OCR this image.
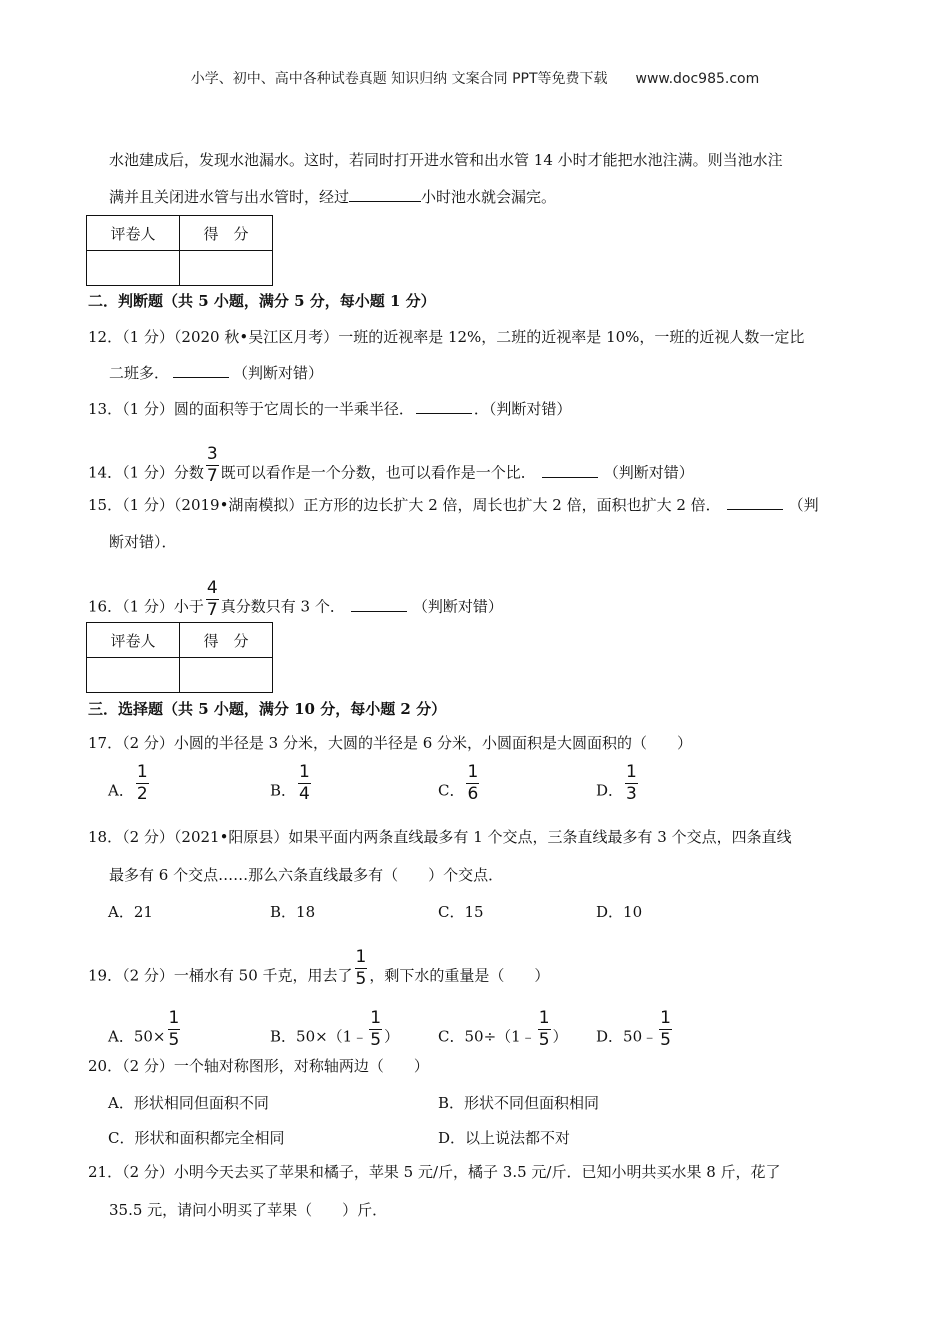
小学、初中、高中各种试卷真题 知识归纳 文案合同 PPT等免费下载 www.doc985.com
水池建成后，发现水池漏水。这时，若同时打开进水管和出水管 14 小时才能把水池注满。则当池水注
满并且关闭进水管与出水管时，经过	小时池水就会漏完。
评卷人	得　分

二．判断题（共 5 小题，满分 5 分，每小题 1 分）
12．（1 分）（2020 秋•吴江区月考）一班的近视率是 12%，二班的近视率是 10%，一班的近视人数一定比
二班多．	（判断对错）
13．（1 分）圆的面积等于它周长的一半乘半径．	．（判断对错）
14．（1 分）分数 $\frac{3}{7}$ 既可以看作是一个分数，也可以看作是一个比．	（判断对错）
15．（1 分）（2019•湖南模拟）正方形的边长扩大 2 倍，周长也扩大 2 倍，面积也扩大 2 倍．	（判
断对错）．
16．（1 分）小于 $\frac{4}{7}$ 真分数只有 3 个．	（判断对错）
评卷人	得　分

三．选择题（共 5 小题，满分 10 分，每小题 2 分）
17．（2 分）小圆的半径是 3 分米，大圆的半径是 6 分米，小圆面积是大圆面积的（　　）
A． $\frac{1}{2}$	B． $\frac{1}{4}$	C． $\frac{1}{6}$	D． $\frac{1}{3}$
18．（2 分）（2021•阳原县）如果平面内两条直线最多有 1 个交点，三条直线最多有 3 个交点，四条直线
最多有 6 个交点……那么六条直线最多有（　　）个交点．
A．21	B．18	C．15	D．10
19．（2 分）一桶水有 50 千克，用去了 $\frac{1}{5}$ ，剩下水的重量是（　　）
A．$50\times \frac{1}{5}$	B．50×（1﹣ $\frac{1}{5}$ ）	C．50÷（1﹣ $\frac{1}{5}$ ） D．50﹣ $\frac{1}{5}$
20．（2 分）一个轴对称图形，对称轴两边（　　）
A．形状相同但面积不同	B．形状不同但面积相同
C．形状和面积都完全相同	D．以上说法都不对
21．（2 分）小明今天去买了苹果和橘子，苹果 5 元/斤，橘子 3.5 元/斤．已知小明共买水果 8 斤，花了
35.5 元，请问小明买了苹果（　　）斤．
